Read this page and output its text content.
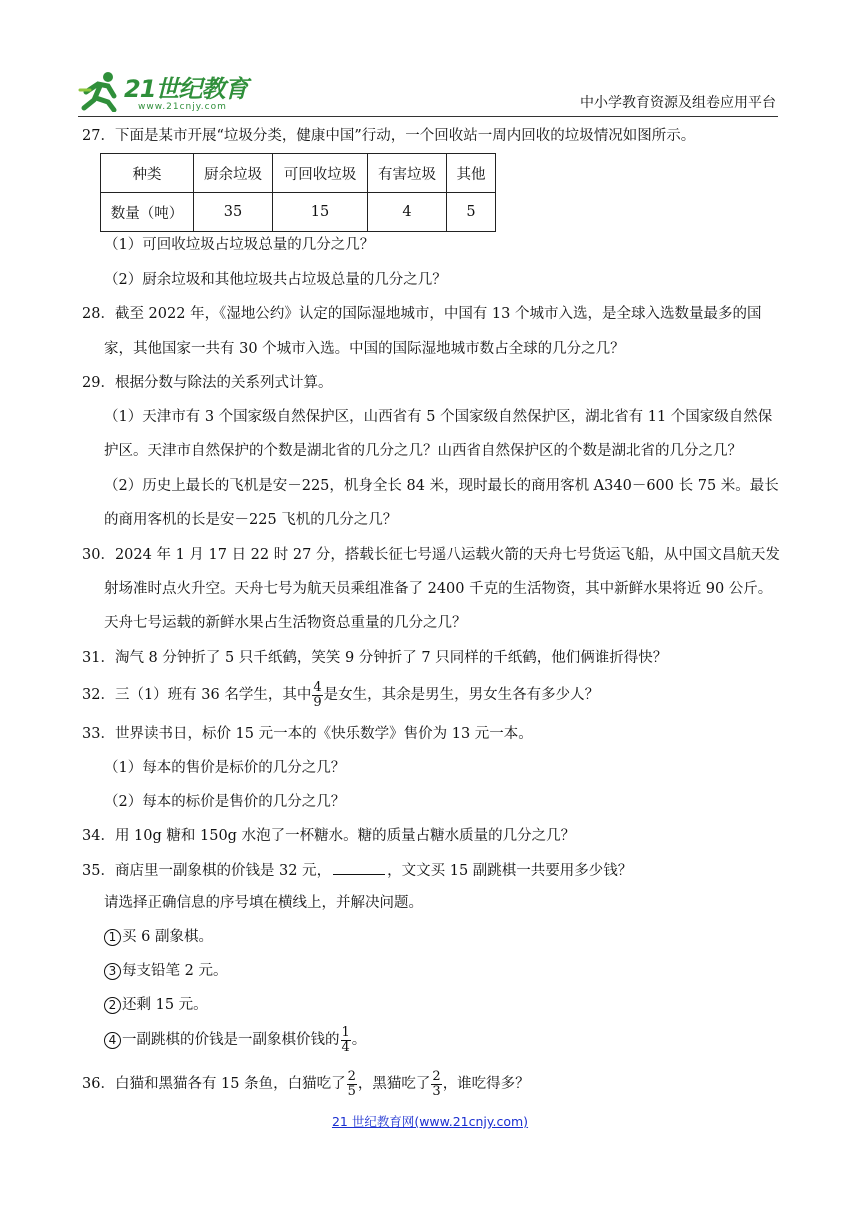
21世纪教育
www.21cnjy.com	中小学教育资源及组卷应用平台
27．下面是某市开展“垃圾分类，健康中国”行动，一个回收站一周内回收的垃圾情况如图所示。
种类	厨余垃圾	可回收垃圾	有害垃圾	其他
数量（吨）	35	15	4	5
（1）可回收垃圾占垃圾总量的几分之几？
（2）厨余垃圾和其他垃圾共占垃圾总量的几分之几？
28．截至 2022 年，《湿地公约》认定的国际湿地城市，中国有 13 个城市入选，是全球入选数量最多的国
家，其他国家一共有 30 个城市入选。中国的国际湿地城市数占全球的几分之几？
29．根据分数与除法的关系列式计算。
（1）天津市有 3 个国家级自然保护区，山西省有 5 个国家级自然保护区，湖北省有 11 个国家级自然保
护区。天津市自然保护的个数是湖北省的几分之几？山西省自然保护区的个数是湖北省的几分之几？
（2）历史上最长的飞机是安－225，机身全长 84 米，现时最长的商用客机 A340－600 长 75 米。最长
的商用客机的长是安－225 飞机的几分之几？
30．2024 年 1 月 17 日 22 时 27 分，搭载长征七号遥八运载火箭的天舟七号货运飞船，从中国文昌航天发
射场准时点火升空。天舟七号为航天员乘组准备了 2400 千克的生活物资，其中新鲜水果将近 90 公斤。
天舟七号运载的新鲜水果占生活物资总重量的几分之几？
31．淘气 8 分钟折了 5 只千纸鹤，笑笑 9 分钟折了 7 只同样的千纸鹤，他们俩谁折得快？
32．三（1）班有 36 名学生，其中 $\frac{4}{9}$ 是女生，其余是男生，男女生各有多少人？
33．世界读书日，标价 15 元一本的《快乐数学》售价为 13 元一本。
（1）每本的售价是标价的几分之几？
（2）每本的标价是售价的几分之几？
34．用 10g 糖和 150g 水泡了一杯糖水。糖的质量占糖水质量的几分之几？
35．商店里一副象棋的价钱是 32 元，	，文文买 15 副跳棋一共要用多少钱？
请选择正确信息的序号填在横线上，并解决问题。
1 买 6 副象棋。
3 每支铅笔 2 元。
2 还剩 15 元。
4 一副跳棋的价钱是一副象棋价钱的 $\frac{1}{4}$ 。
36．白猫和黑猫各有 15 条鱼，白猫吃了 $\frac{2}{5}$ ，黑猫吃了 $\frac{2}{3}$ ，谁吃得多？
21 世纪教育网(www.21cnjy.com)
